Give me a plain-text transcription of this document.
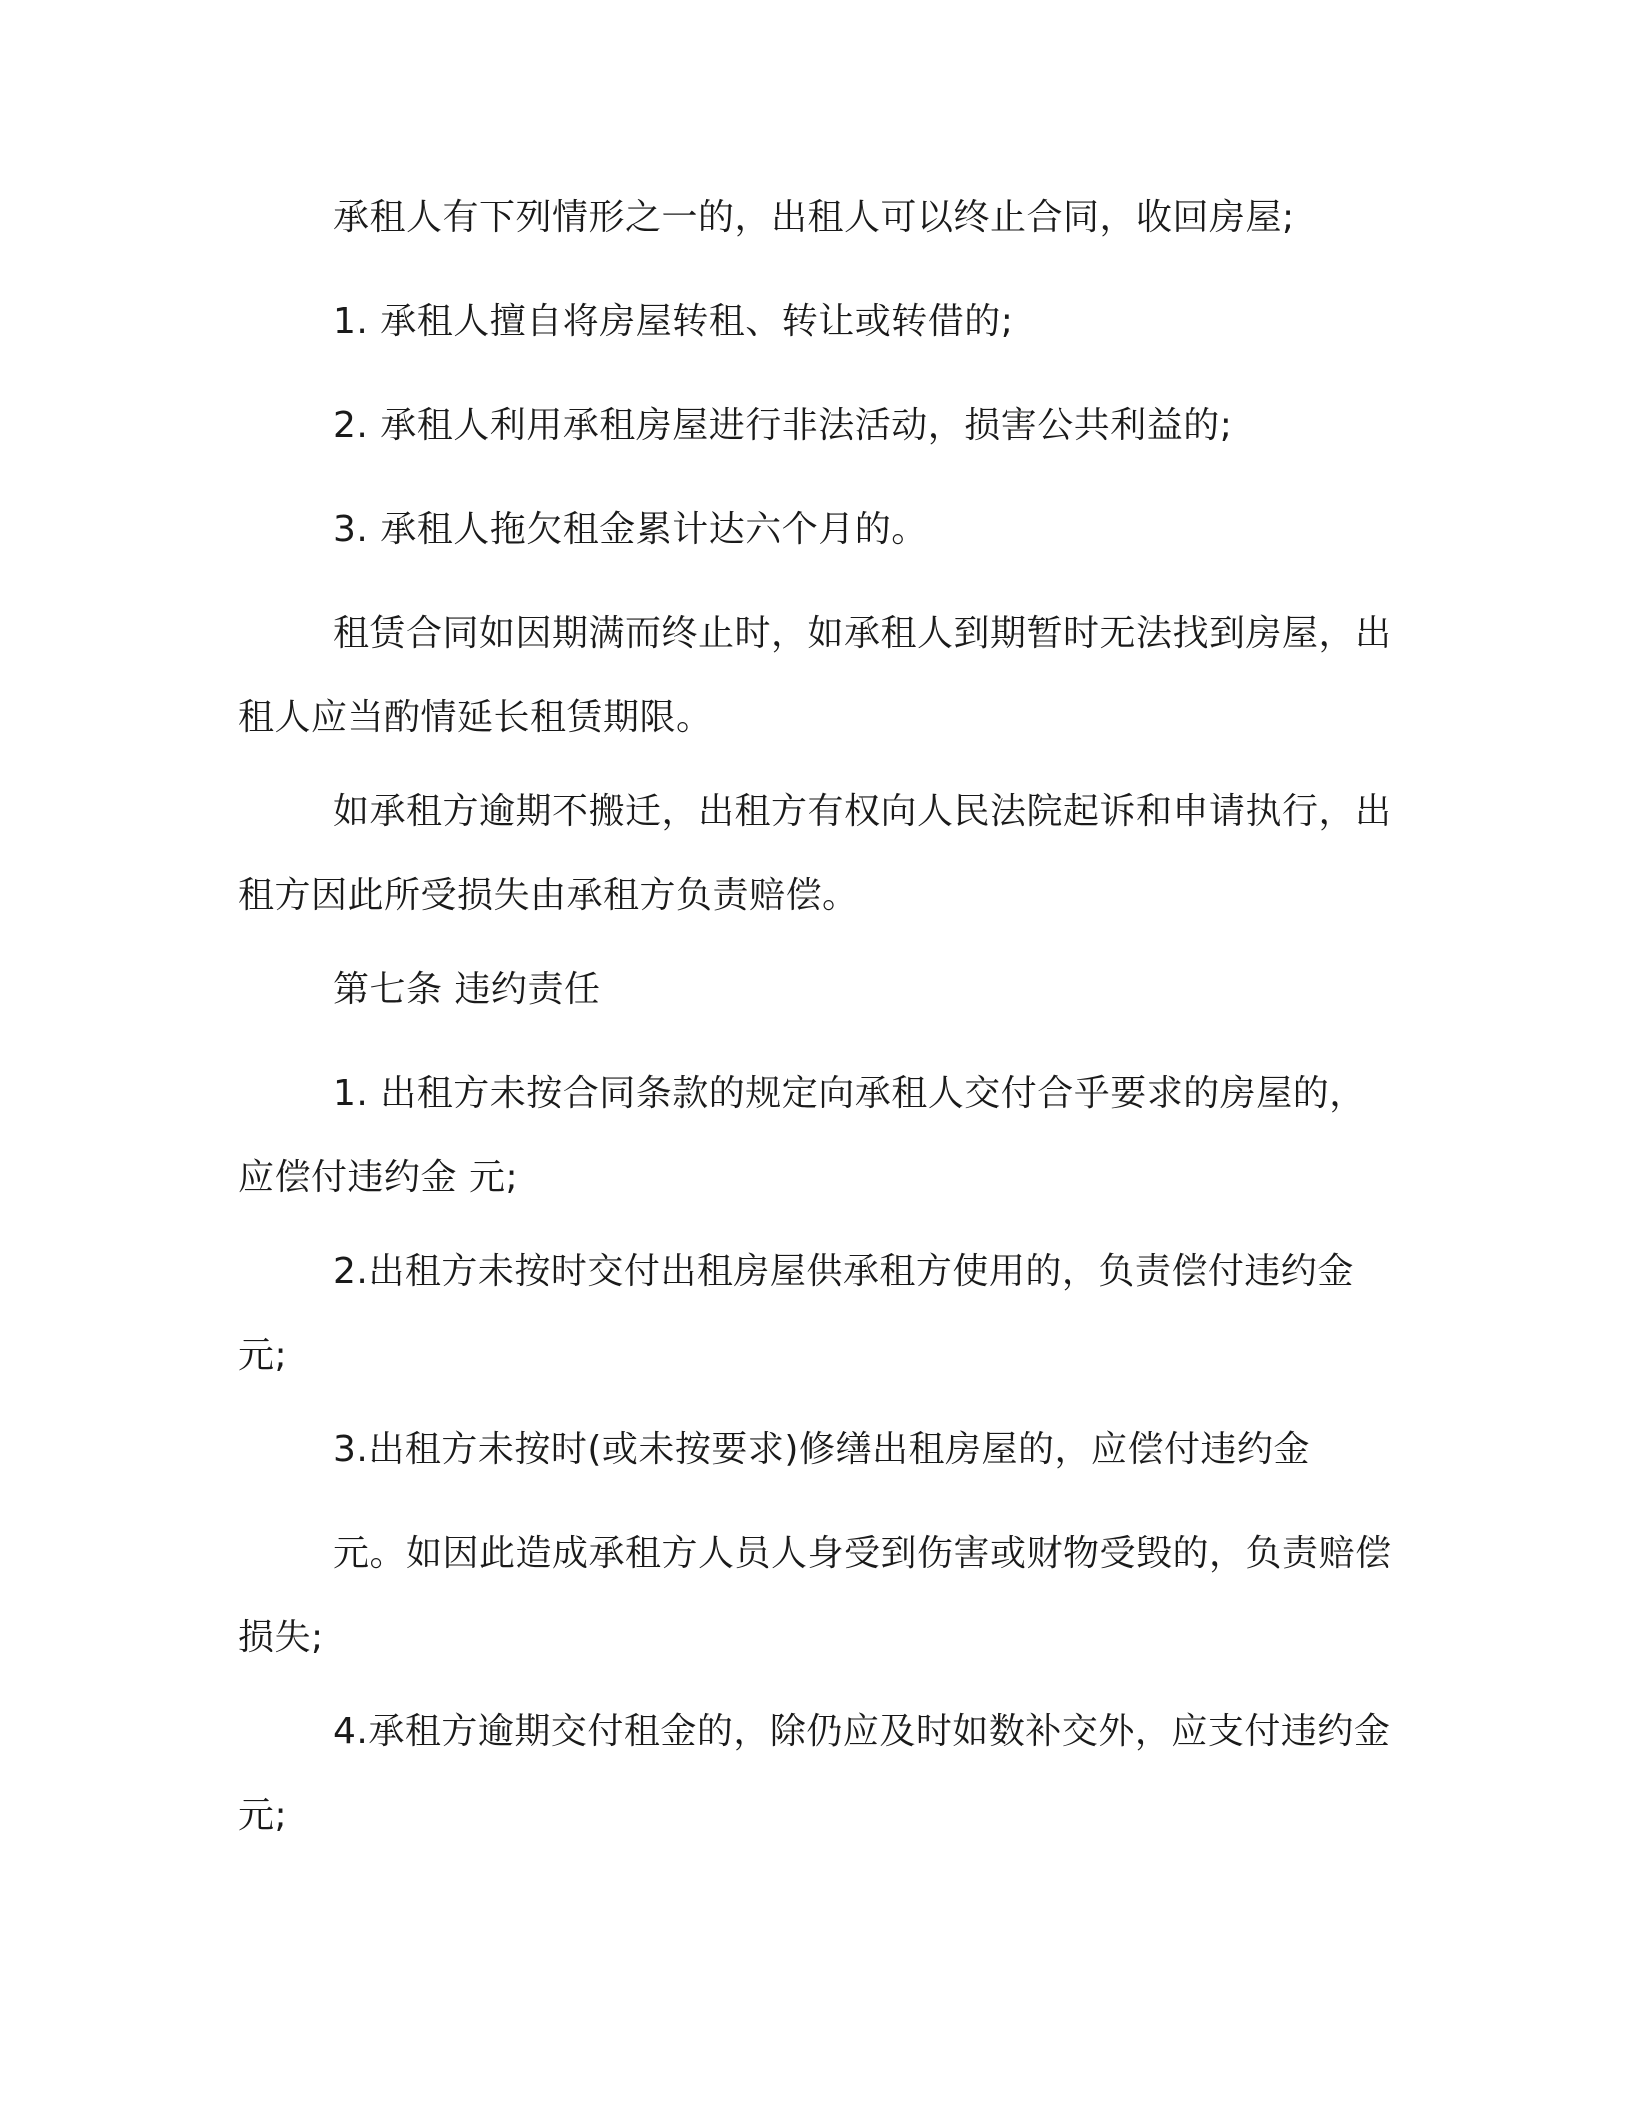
承租人有下列情形之一的，出租人可以终止合同，收回房屋;

1. 承租人擅自将房屋转租、转让或转借的;

2. 承租人利用承租房屋进行非法活动，损害公共利益的;

3. 承租人拖欠租金累计达六个月的。

租赁合同如因期满而终止时，如承租人到期暂时无法找到房屋，出租人应当酌情延长租赁期限。

如承租方逾期不搬迁，出租方有权向人民法院起诉和申请执行，出租方因此所受损失由承租方负责赔偿。

第七条 违约责任

1. 出租方未按合同条款的规定向承租人交付合乎要求的房屋的，应偿付违约金 元;

2.出租方未按时交付出租房屋供承租方使用的，负责偿付违约金 元;

3.出租方未按时(或未按要求)修缮出租房屋的，应偿付违约金

元。如因此造成承租方人员人身受到伤害或财物受毁的，负责赔偿损失;

4.承租方逾期交付租金的，除仍应及时如数补交外，应支付违约金 元;
